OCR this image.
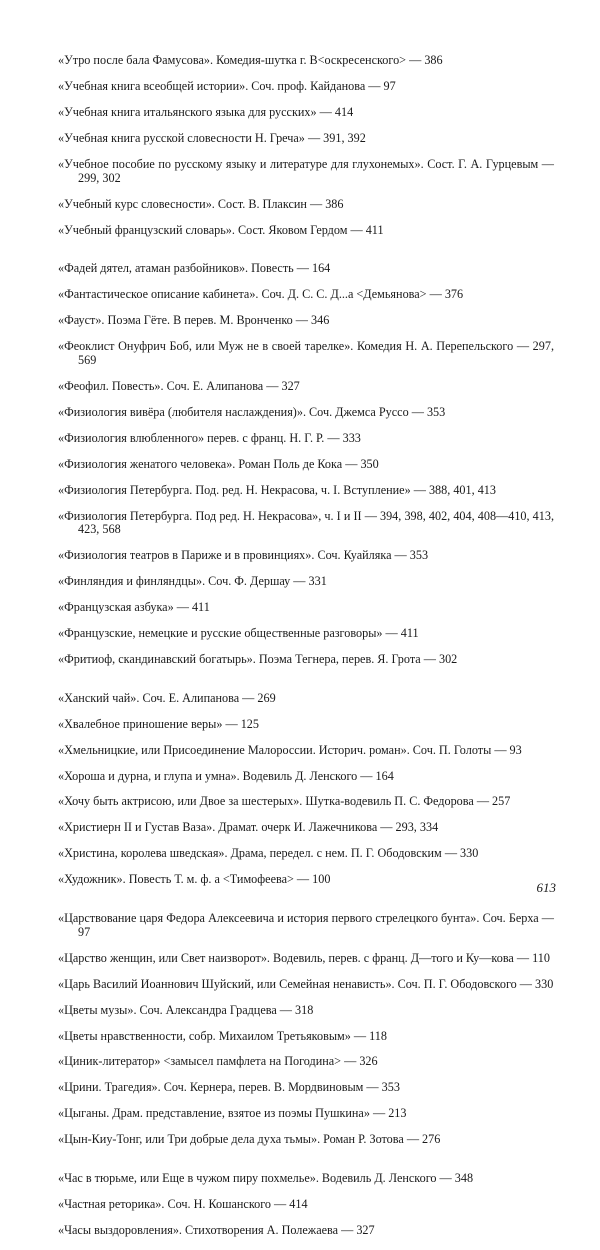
«Утро после бала Фамусова». Комедия-шутка г. В<оскресенского> — 386

«Учебная книга всеобщей истории». Соч. проф. Кайданова — 97

«Учебная книга итальянского языка для русских» — 414

«Учебная книга русской словесности Н. Греча» — 391, 392

«Учебное пособие по русскому языку и литературе для глухонемых». Сост. Г. А. Гурцевым — 299, 302

«Учебный курс словесности». Сост. В. Плаксин — 386

«Учебный французский словарь». Сост. Яковом Гердом — 411

«Фадей дятел, атаман разбойников». Повесть — 164

«Фантастическое описание кабинета». Соч. Д. С. С. Д...а <Демьянова> — 376

«Фауст». Поэма Гёте. В перев. М. Вронченко — 346

«Феоклист Онуфрич Боб, или Муж не в своей тарелке». Комедия Н. А. Перепельского — 297, 569

«Феофил. Повесть». Соч. Е. Алипанова — 327

«Физиология вивёра (любителя наслаждения)». Соч. Джемса Руссо — 353

«Физиология влюбленного» перев. с франц. Н. Г. Р. — 333

«Физиология женатого человека». Роман Поль де Кока — 350

«Физиология Петербурга. Под. ред. Н. Некрасова, ч. I. Вступление» — 388, 401, 413

«Физиология Петербурга. Под ред. Н. Некрасова», ч. I и II — 394, 398, 402, 404, 408—410, 413, 423, 568

«Физиология театров в Париже и в провинциях». Соч. Куайляка — 353

«Финляндия и финляндцы». Соч. Ф. Дершау — 331

«Французская азбука» — 411

«Французские, немецкие и русские общественные разговоры» — 411

«Фритиоф, скандинавский богатырь». Поэма Тегнера, перев. Я. Грота — 302

«Ханский чай». Соч. Е. Алипанова — 269

«Хвалебное приношение веры» — 125

«Хмельницкие, или Присоединение Малороссии. Историч. роман». Соч. П. Голоты — 93

«Хороша и дурна, и глупа и умна». Водевиль Д. Ленского — 164

«Хочу быть актрисою, или Двое за шестерых». Шутка-водевиль П. С. Федорова — 257

«Христиерн II и Густав Ваза». Драмат. очерк И. Лажечникова — 293, 334

«Христина, королева шведская». Драма, передел. с нем. П. Г. Ободовским — 330

«Художник». Повесть Т. м. ф. а <Тимофеева> — 100

«Царствование царя Федора Алексеевича и история первого стрелецкого бунта». Соч. Берха — 97

«Царство женщин, или Свет наизворот». Водевиль, перев. с франц. Д—того и Ку—кова — 110

«Царь Василий Иоаннович Шуйский, или Семейная ненависть». Соч. П. Г. Ободовского — 330

«Цветы музы». Соч. Александра Градцева — 318

«Цветы нравственности, собр. Михаилом Третьяковым» — 118

«Циник-литератор» <замысел памфлета на Погодина> — 326

«Црини. Трагедия». Соч. Кернера, перев. В. Мордвиновым — 353

«Цыганы. Драм. представление, взятое из поэмы Пушкина» — 213

«Цын-Киу-Тонг, или Три добрые дела духа тьмы». Роман Р. Зотова — 276

«Час в тюрьме, или Еще в чужом пиру похмелье». Водевиль Д. Ленского — 348

«Частная реторика». Соч. Н. Кошанского — 414

«Часы выздоровления». Стихотворения А. Полежаева — 327

613
